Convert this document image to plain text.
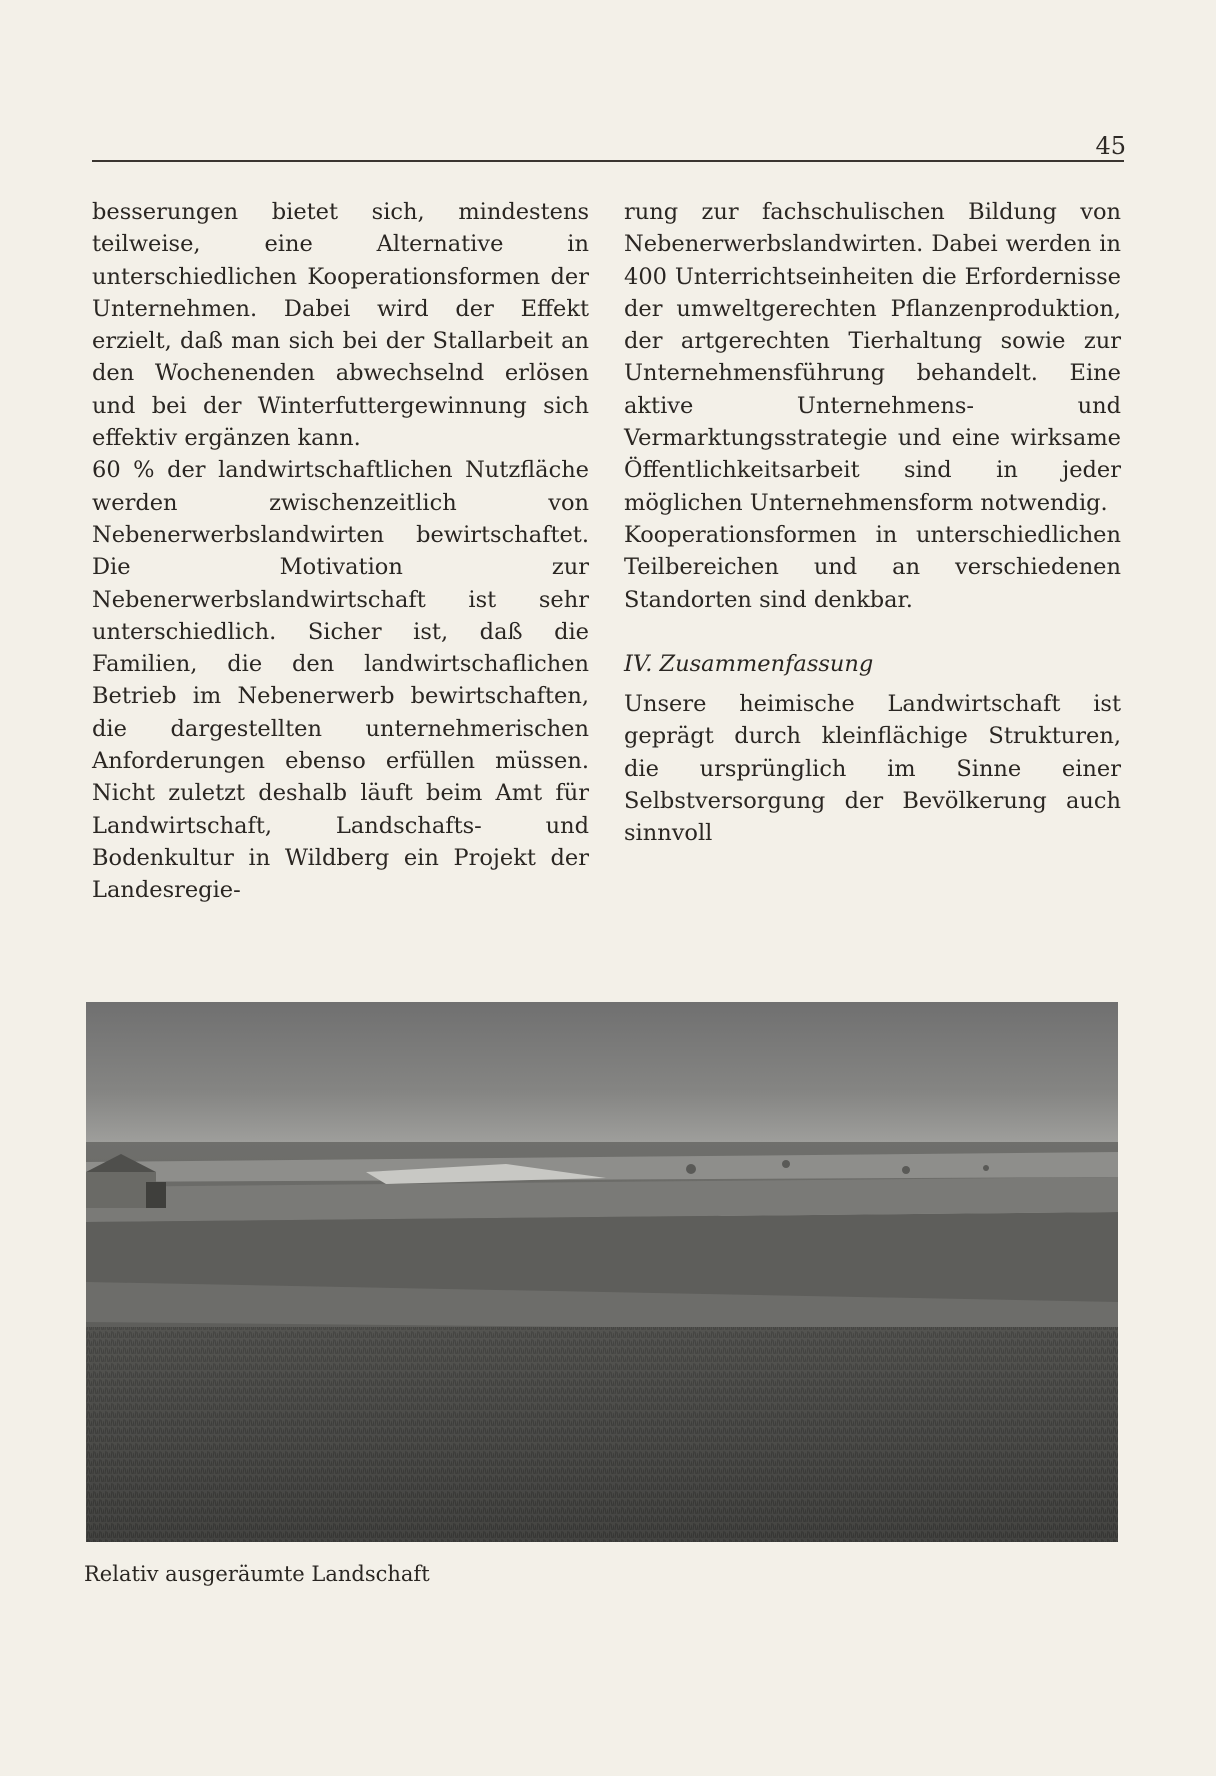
45

besserungen bietet sich, mindestens teilweise, eine Alternative in unterschiedlichen Kooperationsformen der Unternehmen. Dabei wird der Effekt erzielt, daß man sich bei der Stallarbeit an den Wochenenden abwechselnd erlösen und bei der Winterfuttergewinnung sich effektiv ergänzen kann.

60 % der landwirtschaftlichen Nutzfläche werden zwischenzeitlich von Nebenerwerbslandwirten bewirtschaftet. Die Motivation zur Nebenerwerbslandwirtschaft ist sehr unterschiedlich. Sicher ist, daß die Familien, die den landwirtschaflichen Betrieb im Nebenerwerb bewirtschaften, die dargestellten unternehmerischen Anforderungen ebenso erfüllen müssen. Nicht zuletzt deshalb läuft beim Amt für Landwirtschaft, Landschafts- und Bodenkultur in Wildberg ein Projekt der Landesregie-

rung zur fachschulischen Bildung von Nebenerwerbslandwirten. Dabei werden in 400 Unterrichtseinheiten die Erfordernisse der umweltgerechten Pflanzenproduktion, der artgerechten Tierhaltung sowie zur Unternehmensführung behandelt. Eine aktive Unternehmens- und Vermarktungsstrategie und eine wirksame Öffentlichkeitsarbeit sind in jeder möglichen Unternehmensform notwendig.

Kooperationsformen in unterschiedlichen Teilbereichen und an verschiedenen Standorten sind denkbar.

IV. Zusammenfassung

Unsere heimische Landwirtschaft ist geprägt durch kleinflächige Strukturen, die ursprünglich im Sinne einer Selbstversorgung der Bevölkerung auch sinnvoll

Relativ ausgeräumte Landschaft
